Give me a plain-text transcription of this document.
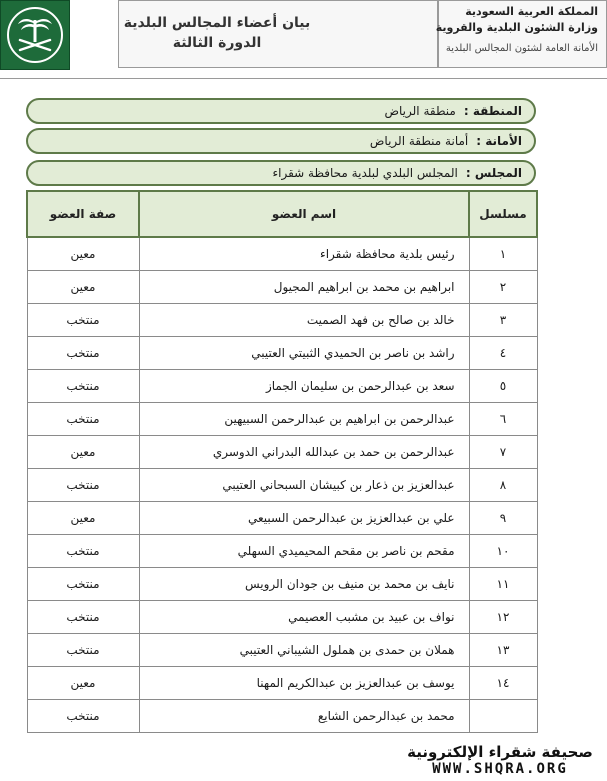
بيان أعضاء المجالس البلدية
الدورة الثالثة
المملكة العربية السعودية
وزارة الشئون البلدية والقروية
الأمانة العامة لشئون المجالس البلدية
المنطقة :
منطقة الرياض
الأمانة :
أمانة منطقة الرياض
المجلس :
المجلس البلدي لبلدية محافظة شقراء
مسلسل	اسم العضو	صفة العضو
١	رئيس بلدية محافظة شقراء	معين
٢	ابراهيم بن محمد بن ابراهيم المجيول	معين
٣	خالد بن صالح بن فهد الصميت	منتخب
٤	راشد بن ناصر بن الحميدي الثبيتي العتيبي	منتخب
٥	سعد بن عبدالرحمن بن سليمان الجماز	منتخب
٦	عبدالرحمن بن ابراهيم بن عبدالرحمن السبيهين	منتخب
٧	عبدالرحمن بن حمد بن عبدالله البدراني الدوسري	معين
٨	عبدالعزيز بن ذعار بن كبيشان السبحاني العتيبي	منتخب
٩	علي بن عبدالعزيز بن عبدالرحمن السبيعي	معين
١٠	مقحم بن ناصر بن مقحم المحيميدي السهلي	منتخب
١١	نايف بن محمد بن منيف بن جودان الرويس	منتخب
١٢	نواف بن عبيد بن مشبب العصيمي	منتخب
١٣	هملان بن حمدى بن هملول الشيباني العتيبي	منتخب
١٤	يوسف بن عبدالعزيز بن عبدالكريم المهنا	معين
	محمد بن عبدالرحمن الشايع	منتخب
صحيفة شقراء الإلكترونية
WWW.SHQRA.ORG
